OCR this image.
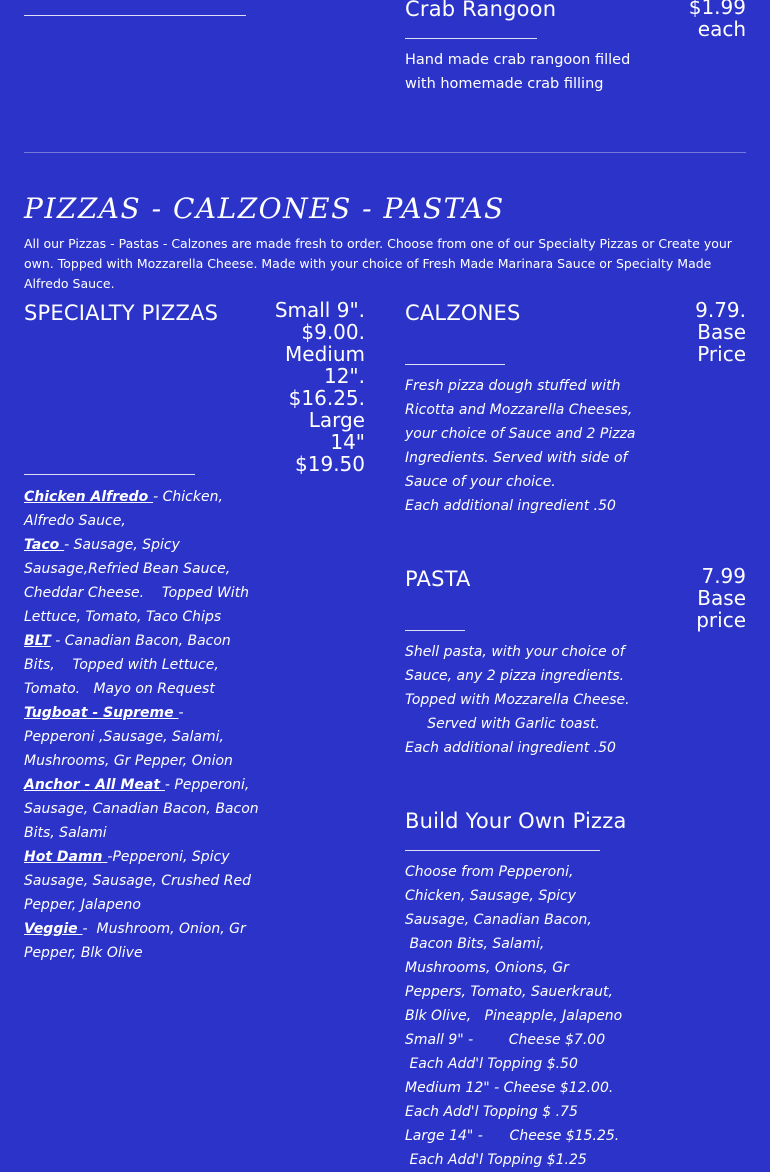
Crab Rangoon	$1.99
each
Hand made crab rangoon filled
with homemade crab filling
PIZZAS - CALZONES - PASTAS
All our Pizzas - Pastas - Calzones are made fresh to order. Choose from one of our Specialty Pizzas or Create your own. Topped with Mozzarella Cheese. Made with your choice of Fresh Made Marinara Sauce or Specialty Made Alfredo Sauce.
SPECIALTY PIZZAS	Small 9".
$9.00.
Medium
12".
$16.25.
Large
14"
$19.50

Chicken Alfredo - Chicken, Alfredo Sauce,

Taco - Sausage, Spicy Sausage,Refried Bean Sauce, Cheddar Cheese.    Topped With Lettuce, Tomato, Taco Chips

BLT - Canadian Bacon, Bacon Bits,    Topped with Lettuce, Tomato.   Mayo on Request

Tugboat - Supreme -    Pepperoni ,Sausage, Salami, Mushrooms, Gr Pepper, Onion

Anchor - All Meat - Pepperoni, Sausage, Canadian Bacon, Bacon Bits, Salami

Hot Damn -Pepperoni, Spicy Sausage, Sausage, Crushed Red Pepper, Jalapeno

Veggie -  Mushroom, Onion, Gr Pepper, Blk Olive

CALZONES	9.79.
Base
Price

Fresh pizza dough stuffed with Ricotta and Mozzarella Cheeses, your choice of Sauce and 2 Pizza Ingredients. Served with side of Sauce of your choice.

Each additional ingredient .50

PASTA	7.99
Base
price

Shell pasta, with your choice of Sauce, any 2 pizza ingredients.

Topped with Mozzarella Cheese.

Served with Garlic toast.

Each additional ingredient .50

Build Your Own Pizza

Choose from Pepperoni, Chicken, Sausage, Spicy Sausage, Canadian Bacon,   Bacon Bits, Salami, Mushrooms, Onions, Gr Peppers, Tomato, Sauerkraut, Blk Olive,   Pineapple, Jalapeno

Small 9" -        Cheese $7.00   Each Add'l Topping $.50

Medium 12" - Cheese $12.00. Each Add'l Topping $ .75

Large 14" -      Cheese $15.25.   Each Add'l Topping $1.25
